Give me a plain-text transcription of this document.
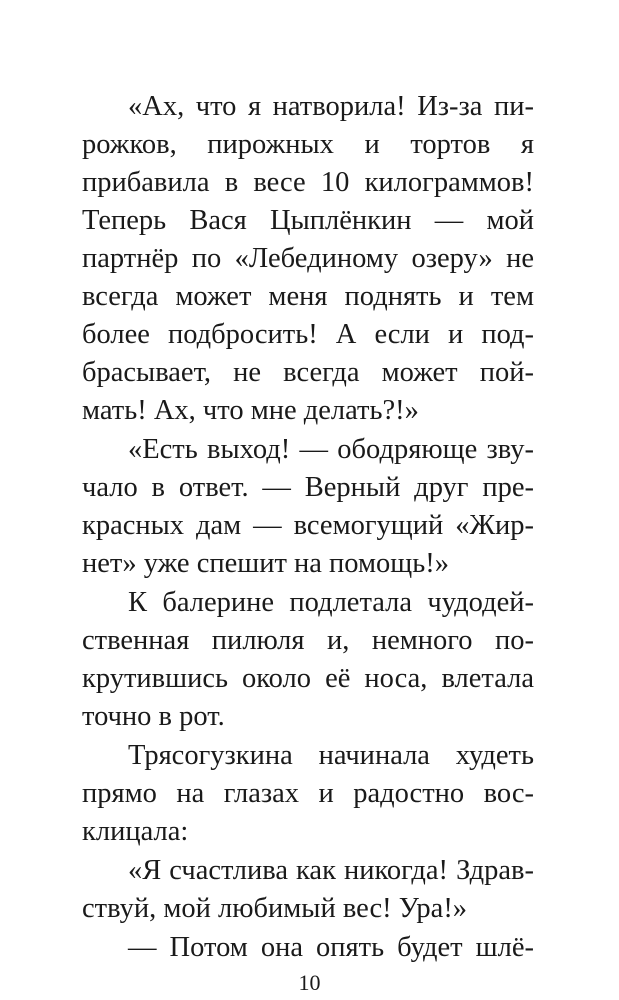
«Ах, что я натворила! Из-за пи-
рожков, пирожных и тортов я
прибавила в весе 10 килограммов!
Теперь Вася Цыплёнкин — мой
партнёр по «Лебединому озеру» не
всегда может меня поднять и тем
более подбросить! А если и под-
брасывает, не всегда может пой-
мать! Ах, что мне делать?!»
«Есть выход! — ободряюще зву-
чало в ответ. — Верный друг пре-
красных дам — всемогущий «Жир-
нет» уже спешит на помощь!»
К балерине подлетала чудодей-
ственная пилюля и, немного по-
крутившись около её носа, влетала
точно в рот.
Трясогузкина начинала худеть
прямо на глазах и радостно вос-
клицала:
«Я счастлива как никогда! Здрав-
ствуй, мой любимый вес! Ура!»
— Потом она опять будет шлё-
10
